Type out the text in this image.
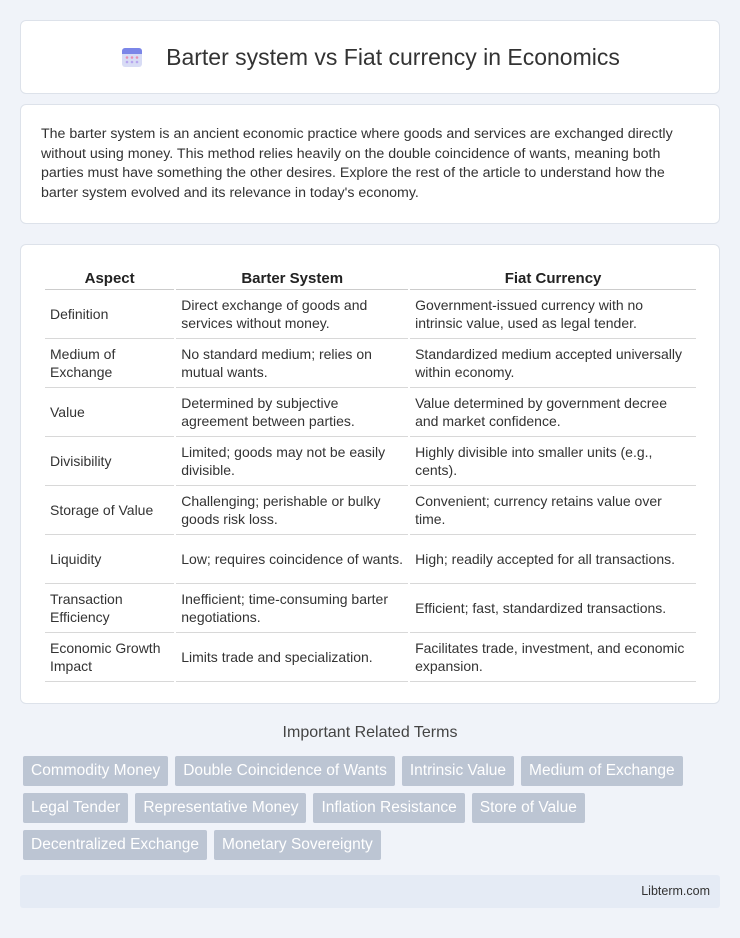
Barter system vs Fiat currency in Economics

The barter system is an ancient economic practice where goods and services are exchanged directly without using money. This method relies heavily on the double coincidence of wants, meaning both parties must have something the other desires. Explore the rest of the article to understand how the barter system evolved and its relevance in today's economy.

Aspect	Barter System	Fiat Currency
Definition	Direct exchange of goods and services without money.	Government-issued currency with no intrinsic value, used as legal tender.
Medium of Exchange	No standard medium; relies on mutual wants.	Standardized medium accepted universally within economy.
Value	Determined by subjective agreement between parties.	Value determined by government decree and market confidence.
Divisibility	Limited; goods may not be easily divisible.	Highly divisible into smaller units (e.g., cents).
Storage of Value	Challenging; perishable or bulky goods risk loss.	Convenient; currency retains value over time.
Liquidity	Low; requires coincidence of wants.	High; readily accepted for all transactions.
Transaction Efficiency	Inefficient; time-consuming barter negotiations.	Efficient; fast, standardized transactions.
Economic Growth Impact	Limits trade and specialization.	Facilitates trade, investment, and economic expansion.
Important Related Terms
Commodity Money	Double Coincidence of Wants	Intrinsic Value	Medium of Exchange
Legal Tender	Representative Money	Inflation Resistance	Store of Value
Decentralized Exchange	Monetary Sovereignty
Libterm.com
